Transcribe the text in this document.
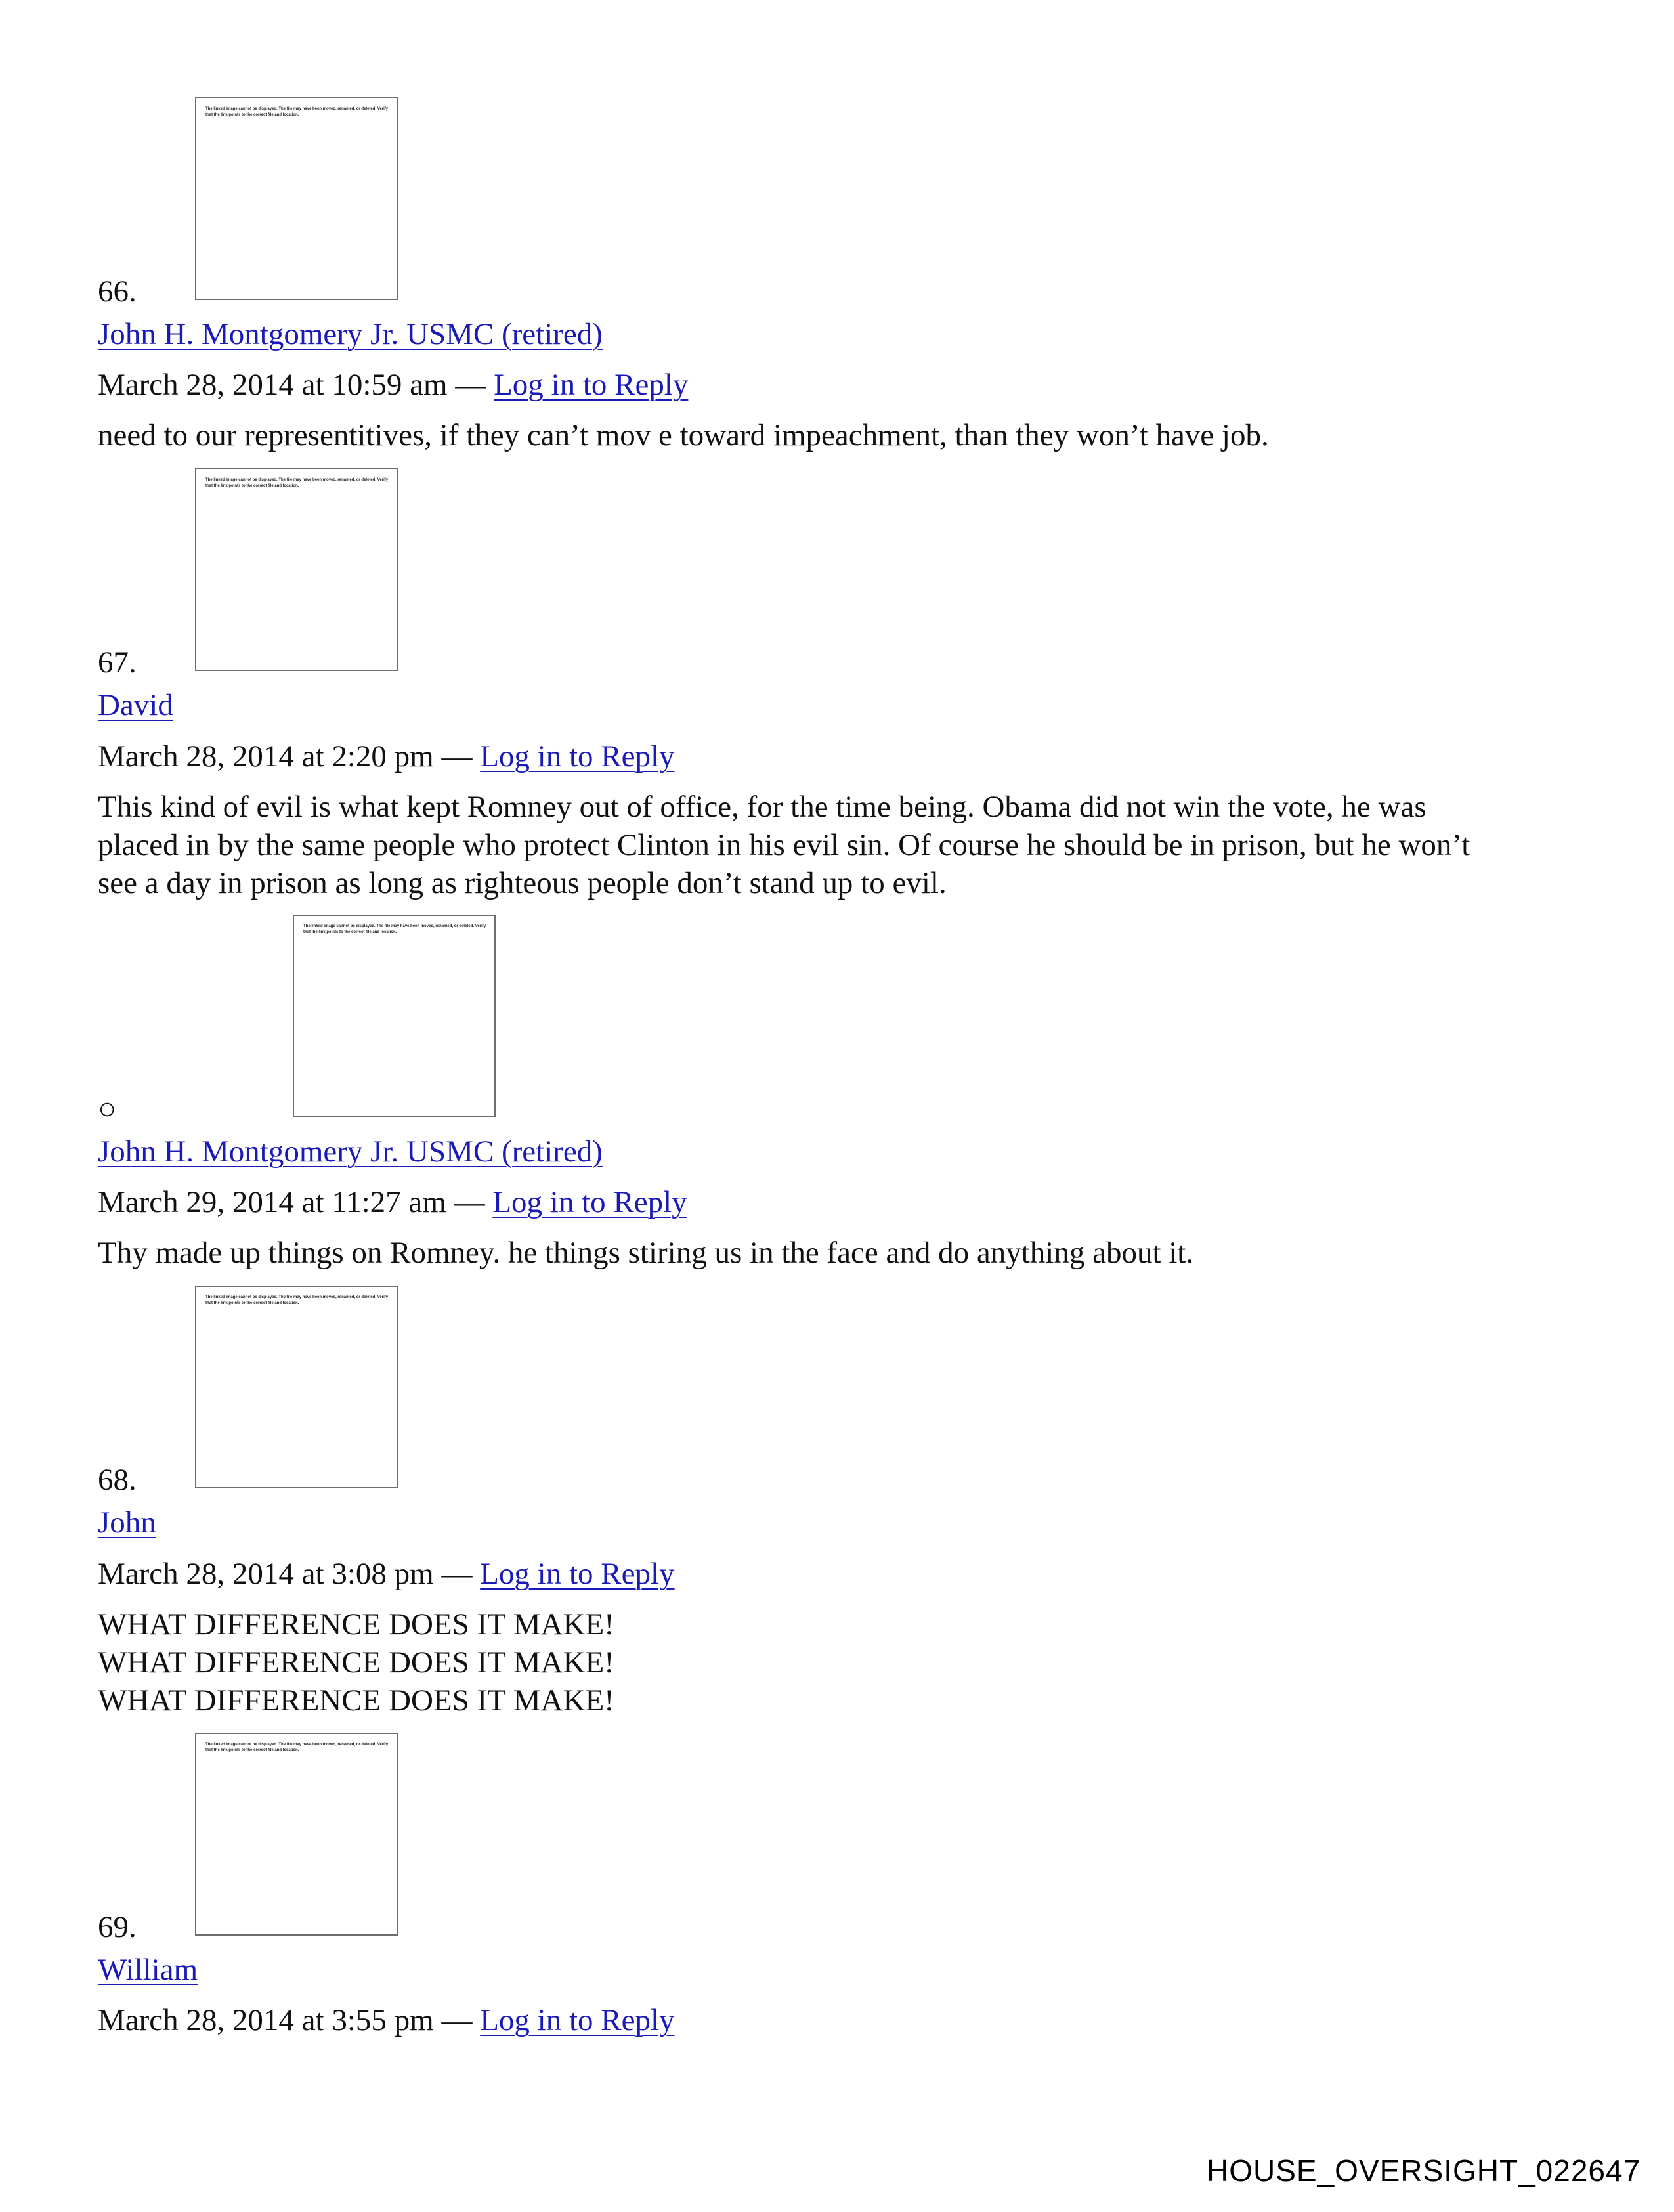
The linked image cannot be displayed. The file may have been moved, renamed, or deleted. Verify that the link points to the correct file and location.
66.
John H. Montgomery Jr. USMC (retired)
March 28, 2014 at 10:59 am — Log in to Reply
need to our representitives, if they can’t mov e toward impeachment, than they won’t have job.
The linked image cannot be displayed. The file may have been moved, renamed, or deleted. Verify that the link points to the correct file and location.
67.
David
March 28, 2014 at 2:20 pm — Log in to Reply
This kind of evil is what kept Romney out of office, for the time being. Obama did not win the vote, he was
placed in by the same people who protect Clinton in his evil sin. Of course he should be in prison, but he won’t
see a day in prison as long as righteous people don’t stand up to evil.
The linked image cannot be displayed. The file may have been moved, renamed, or deleted. Verify that the link points to the correct file and location.
○
John H. Montgomery Jr. USMC (retired)
March 29, 2014 at 11:27 am — Log in to Reply
Thy made up things on Romney. he things stiring us in the face and do anything about it.
The linked image cannot be displayed. The file may have been moved, renamed, or deleted. Verify that the link points to the correct file and location.
68.
John
March 28, 2014 at 3:08 pm — Log in to Reply
WHAT DIFFERENCE DOES IT MAKE!
WHAT DIFFERENCE DOES IT MAKE!
WHAT DIFFERENCE DOES IT MAKE!
The linked image cannot be displayed. The file may have been moved, renamed, or deleted. Verify that the link points to the correct file and location.
69.
William
March 28, 2014 at 3:55 pm — Log in to Reply
HOUSE_OVERSIGHT_022647
